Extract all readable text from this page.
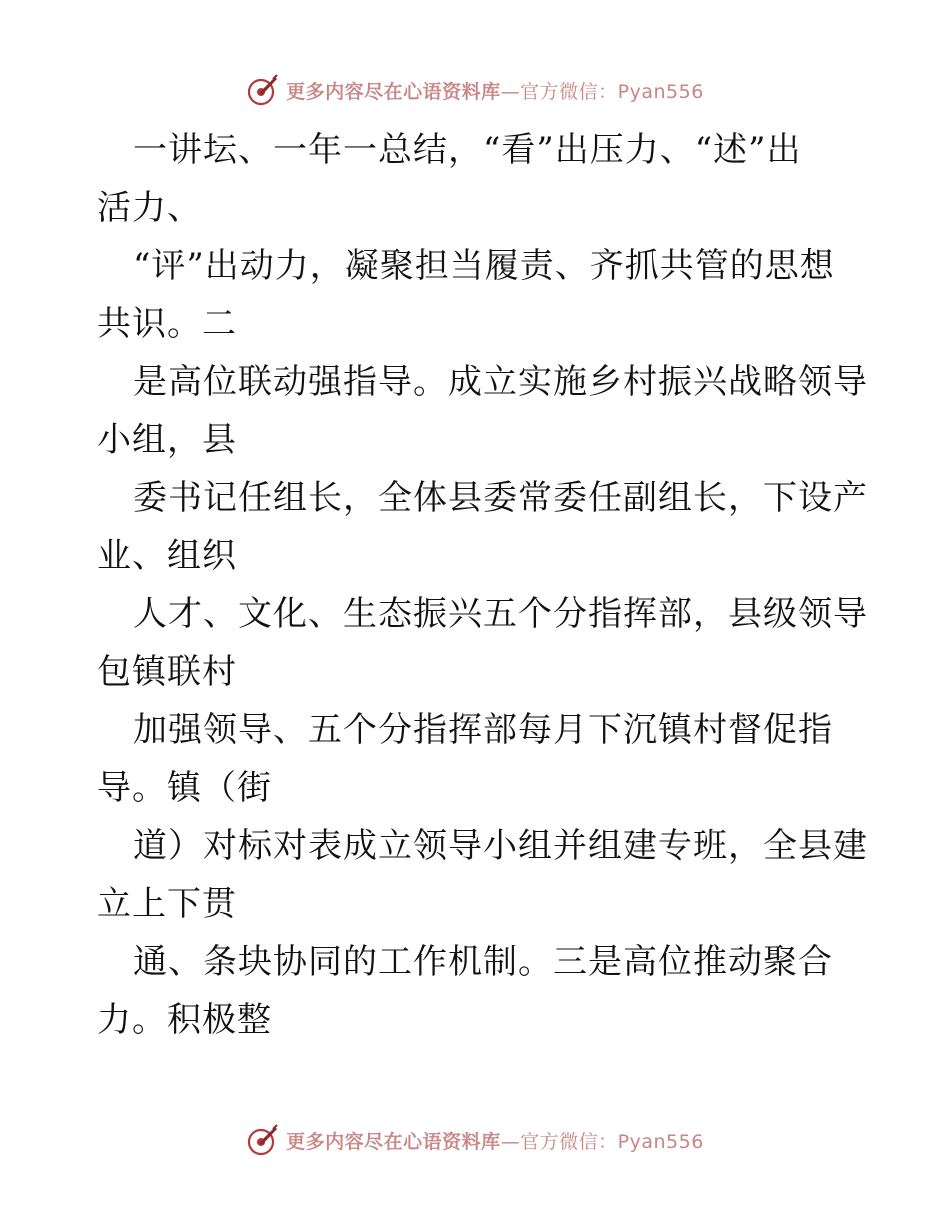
更多内容尽在心语资料库—官方微信：Pyan556
一讲坛、一年一总结，“看”出压力、“述”出
活力、
“评”出动力，凝聚担当履责、齐抓共管的思想
共识。二
是高位联动强指导。成立实施乡村振兴战略领导
小组，县
委书记任组长，全体县委常委任副组长，下设产
业、组织
人才、文化、生态振兴五个分指挥部，县级领导
包镇联村
加强领导、五个分指挥部每月下沉镇村督促指
导。镇（街
道）对标对表成立领导小组并组建专班，全县建
立上下贯
通、条块协同的工作机制。三是高位推动聚合
力。积极整
更多内容尽在心语资料库—官方微信：Pyan556
